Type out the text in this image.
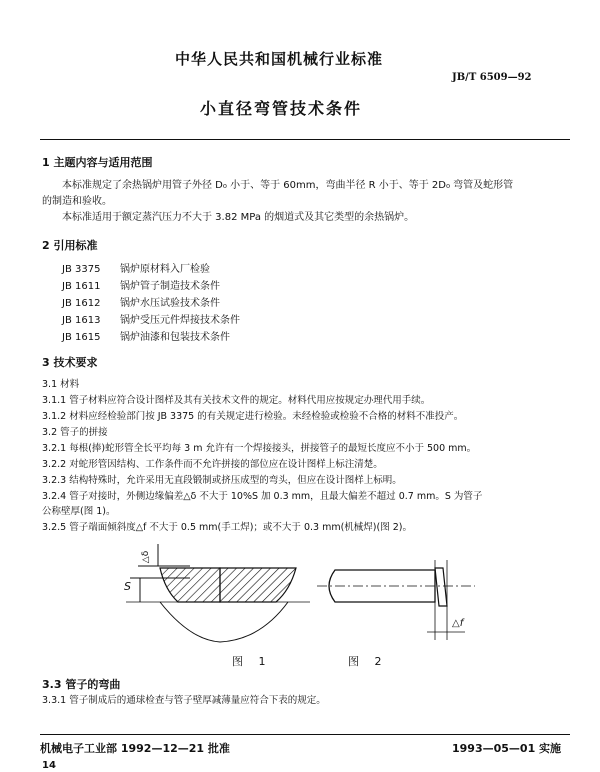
中华人民共和国机械行业标准
JB/T 6509—92
小直径弯管技术条件
1 主题内容与适用范围
本标准规定了余热锅炉用管子外径 D₀ 小于、等于 60mm，弯曲半径 R 小于、等于 2D₀ 弯管及蛇形管
的制造和验收。
本标准适用于额定蒸汽压力不大于 3.82 MPa 的烟道式及其它类型的余热锅炉。
2 引用标准
JB 3375 锅炉原材料入厂检验
JB 1611 锅炉管子制造技术条件
JB 1612 锅炉水压试验技术条件
JB 1613 锅炉受压元件焊接技术条件
JB 1615 锅炉油漆和包装技术条件
3 技术要求
3.1 材料
3.1.1 管子材料应符合设计图样及其有关技术文件的规定。材料代用应按规定办理代用手续。
3.1.2 材料应经检验部门按 JB 3375 的有关规定进行检验。未经检验或检验不合格的材料不准投产。
3.2 管子的拼接
3.2.1 每根(捧)蛇形管全长平均每 3 m 允许有一个焊接接头，拼接管子的最短长度应不小于 500 mm。
3.2.2 对蛇形管因结构、工作条件而不允许拼接的部位应在设计图样上标注清楚。
3.2.3 结构特殊时，允许采用无直段锻制或挤压成型的弯头，但应在设计图样上标明。
3.2.4 管子对接时，外侧边缘偏差△δ 不大于 10%S 加 0.3 mm，且最大偏差不超过 0.7 mm。S 为管子
公称壁厚(图 1)。
3.2.5 管子端面倾斜度△f 不大于 0.5 mm(手工焊)；或不大于 0.3 mm(机械焊)(图 2)。
S
△δ
△f
图 1	图 2
3.3 管子的弯曲
3.3.1 管子制成后的通球检查与管子壁厚减薄量应符合下表的规定。
机械电子工业部 1992—12—21 批准	1993—05—01 实施
14
